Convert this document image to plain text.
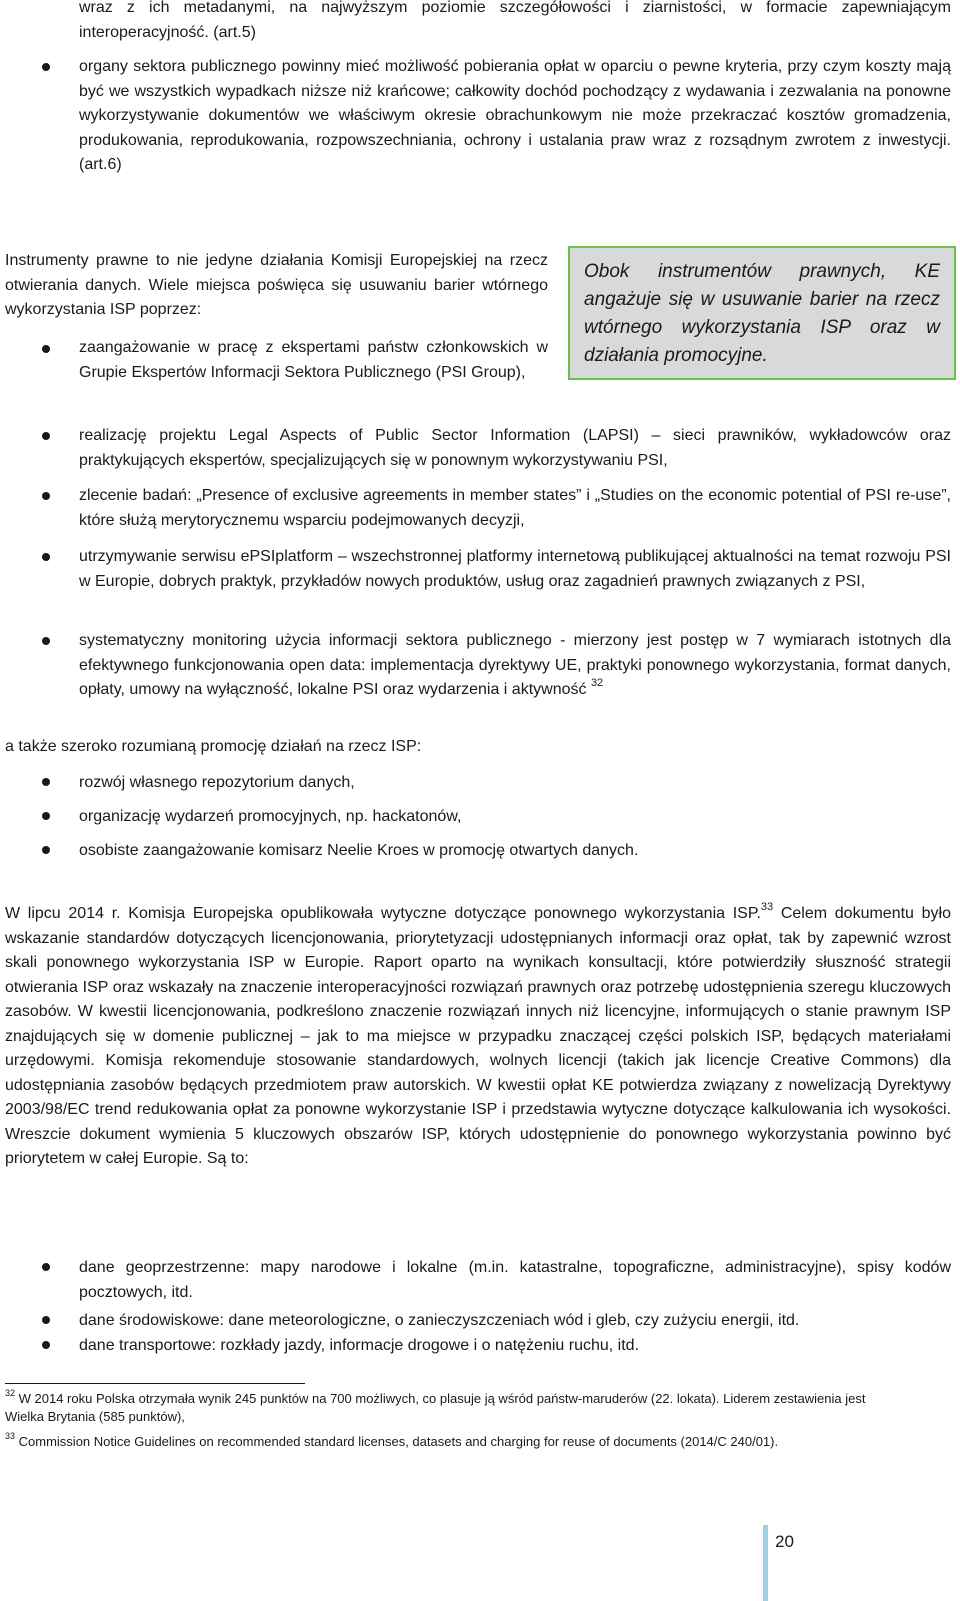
wraz z ich metadanymi, na najwyższym poziomie szczegółowości i ziarnistości, w formacie zapewniającym interoperacyjność. (art.5)
organy sektora publicznego powinny mieć możliwość pobierania opłat w oparciu o pewne kryteria, przy czym koszty mają być we wszystkich wypadkach niższe niż krańcowe; całkowity dochód pochodzący z wydawania i zezwalania na ponowne wykorzystywanie dokumentów we właściwym okresie obrachunkowym nie może przekraczać kosztów gromadzenia, produkowania, reprodukowania, rozpowszechniania, ochrony i ustalania praw wraz z rozsądnym zwrotem z inwestycji. (art.6)
Instrumenty prawne to nie jedyne działania Komisji Europejskiej na rzecz otwierania danych. Wiele miejsca poświęca się usuwaniu barier wtórnego wykorzystania ISP poprzez:
Obok instrumentów prawnych, KE angażuje się w usuwanie barier na rzecz wtórnego wykorzystania ISP oraz w działania promocyjne.
zaangażowanie w pracę z ekspertami państw członkowskich w Grupie Ekspertów Informacji Sektora Publicznego (PSI Group),
realizację projektu Legal Aspects of Public Sector Information (LAPSI) – sieci prawników, wykładowców oraz praktykujących ekspertów, specjalizujących się w ponownym wykorzystywaniu PSI,
zlecenie badań: „Presence of exclusive agreements in member states” i „Studies on the economic potential of PSI re-use”, które służą merytorycznemu wsparciu podejmowanych decyzji,
utrzymywanie serwisu ePSIplatform – wszechstronnej platformy internetową publikującej aktualności na temat rozwoju PSI w Europie, dobrych praktyk, przykładów nowych produktów, usług oraz zagadnień prawnych związanych z PSI,
systematyczny monitoring użycia informacji sektora publicznego - mierzony jest postęp w 7 wymiarach istotnych dla efektywnego funkcjonowania open data: implementacja dyrektywy UE, praktyki ponownego wykorzystania, format danych, opłaty, umowy na wyłączność, lokalne PSI oraz wydarzenia i aktywność $^{32}$
a także szeroko rozumianą promocję działań na rzecz ISP:
rozwój własnego repozytorium danych,
organizację wydarzeń promocyjnych, np. hackatonów,
osobiste zaangażowanie komisarz Neelie Kroes w promocję otwartych danych.
W lipcu 2014 r. Komisja Europejska opublikowała wytyczne dotyczące ponownego wykorzystania ISP.$^{33}$ Celem dokumentu było wskazanie standardów dotyczących licencjonowania, priorytetyzacji udostępnianych informacji oraz opłat, tak by zapewnić wzrost skali ponownego wykorzystania ISP w Europie. Raport oparto na wynikach konsultacji, które potwierdziły słuszność strategii otwierania ISP oraz wskazały na znaczenie interoperacyjności rozwiązań prawnych oraz potrzebę udostępnienia szeregu kluczowych zasobów. W kwestii licencjonowania, podkreślono znaczenie rozwiązań innych niż licencyjne, informujących o stanie prawnym ISP znajdujących się w domenie publicznej – jak to ma miejsce w przypadku znaczącej części polskich ISP, będących materiałami urzędowymi. Komisja rekomenduje stosowanie standardowych, wolnych licencji (takich jak licencje Creative Commons) dla udostępniania zasobów będących przedmiotem praw autorskich. W kwestii opłat KE potwierdza związany z nowelizacją Dyrektywy 2003/98/EC trend redukowania opłat za ponowne wykorzystanie ISP i przedstawia wytyczne dotyczące kalkulowania ich wysokości. Wreszcie dokument wymienia 5 kluczowych obszarów ISP, których udostępnienie do ponownego wykorzystania powinno być priorytetem w całej Europie. Są to:
dane geoprzestrzenne: mapy narodowe i lokalne (m.in. katastralne, topograficzne, administracyjne), spisy kodów pocztowych, itd.
dane środowiskowe: dane meteorologiczne, o zanieczyszczeniach wód i gleb, czy zużyciu energii, itd.
dane transportowe: rozkłady jazdy, informacje drogowe i o natężeniu ruchu, itd.
$^{32}$ W 2014 roku Polska otrzymała wynik 245 punktów na 700 możliwych, co plasuje ją wśród państw-maruderów (22. lokata). Liderem zestawienia jest Wielka Brytania (585 punktów),
$^{33}$ Commission Notice Guidelines on recommended standard licenses, datasets and charging for reuse of documents (2014/C 240/01).
20
